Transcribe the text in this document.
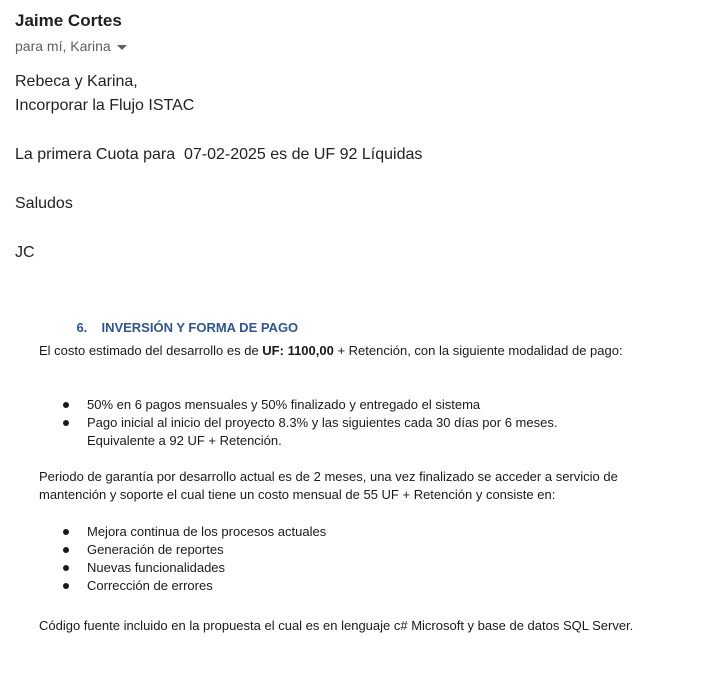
Jaime Cortes
para mí, Karina
Rebeca y Karina,
Incorporar la Flujo ISTAC
La primera Cuota para  07-02-2025 es de UF 92 Líquidas
Saludos
JC

6. INVERSIÓN Y FORMA DE PAGO

El costo estimado del desarrollo es de UF: 1100,00 + Retención, con la siguiente modalidad de pago:
50% en 6 pagos mensuales y 50% finalizado y entregado el sistema
Pago inicial al inicio del proyecto 8.3% y las siguientes cada 30 días por 6 meses.
Equivalente a 92 UF + Retención.
Periodo de garantía por desarrollo actual es de 2 meses, una vez finalizado se acceder a servicio de mantención y soporte el cual tiene un costo mensual de 55 UF + Retención y consiste en:
Mejora continua de los procesos actuales
Generación de reportes
Nuevas funcionalidades
Corrección de errores
Código fuente incluido en la propuesta el cual es en lenguaje c# Microsoft y base de datos SQL Server.
